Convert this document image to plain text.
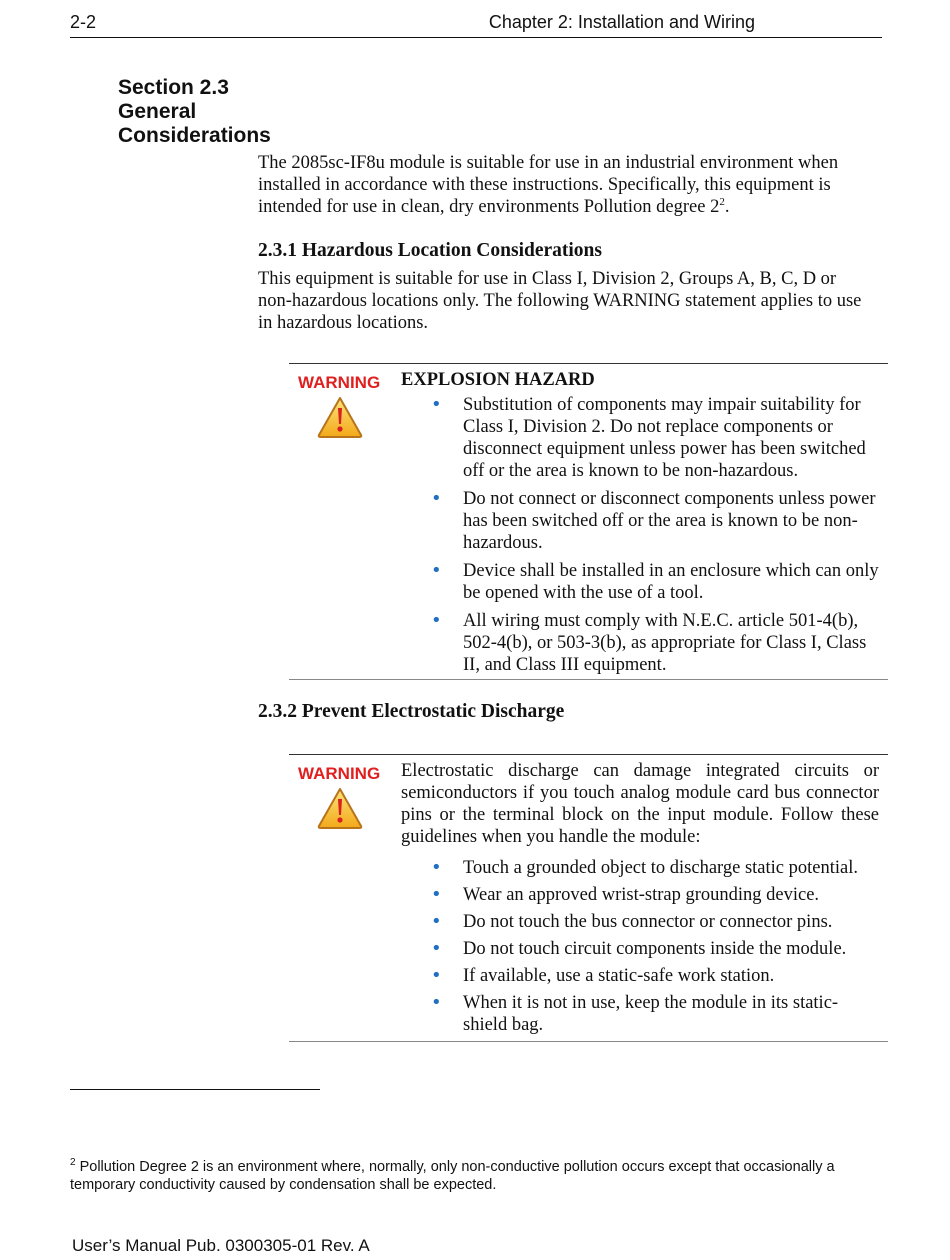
2-2	Chapter 2: Installation and Wiring
Section 2.3
General
Considerations
The 2085sc-IF8u module is suitable for use in an industrial environment when installed in accordance with these instructions. Specifically, this equipment is intended for use in clean, dry environments Pollution degree $2^2$.
2.3.1 Hazardous Location Considerations
This equipment is suitable for use in Class I, Division 2, Groups A, B, C, D or non-hazardous locations only. The following WARNING statement applies to use in hazardous locations.
WARNING EXPLOSION HAZARD
• Substitution of components may impair suitability for Class I, Division 2. Do not replace components or disconnect equipment unless power has been switched off or the area is known to be non-hazardous.
• Do not connect or disconnect components unless power has been switched off or the area is known to be non-hazardous.
• Device shall be installed in an enclosure which can only be opened with the use of a tool.
• All wiring must comply with N.E.C. article 501-4(b), 502-4(b), or 503-3(b), as appropriate for Class I, Class II, and Class III equipment.
2.3.2 Prevent Electrostatic Discharge
WARNING Electrostatic discharge can damage integrated circuits or semiconductors if you touch analog module card bus connector pins or the terminal block on the input module. Follow these guidelines when you handle the module:
• Touch a grounded object to discharge static potential.
• Wear an approved wrist-strap grounding device.
• Do not touch the bus connector or connector pins.
• Do not touch circuit components inside the module.
• If available, use a static-safe work station.
• When it is not in use, keep the module in its static-shield bag.
$^2$ Pollution Degree 2 is an environment where, normally, only non-conductive pollution occurs except that occasionally a temporary conductivity caused by condensation shall be expected.
User’s Manual Pub. 0300305-01 Rev. A
